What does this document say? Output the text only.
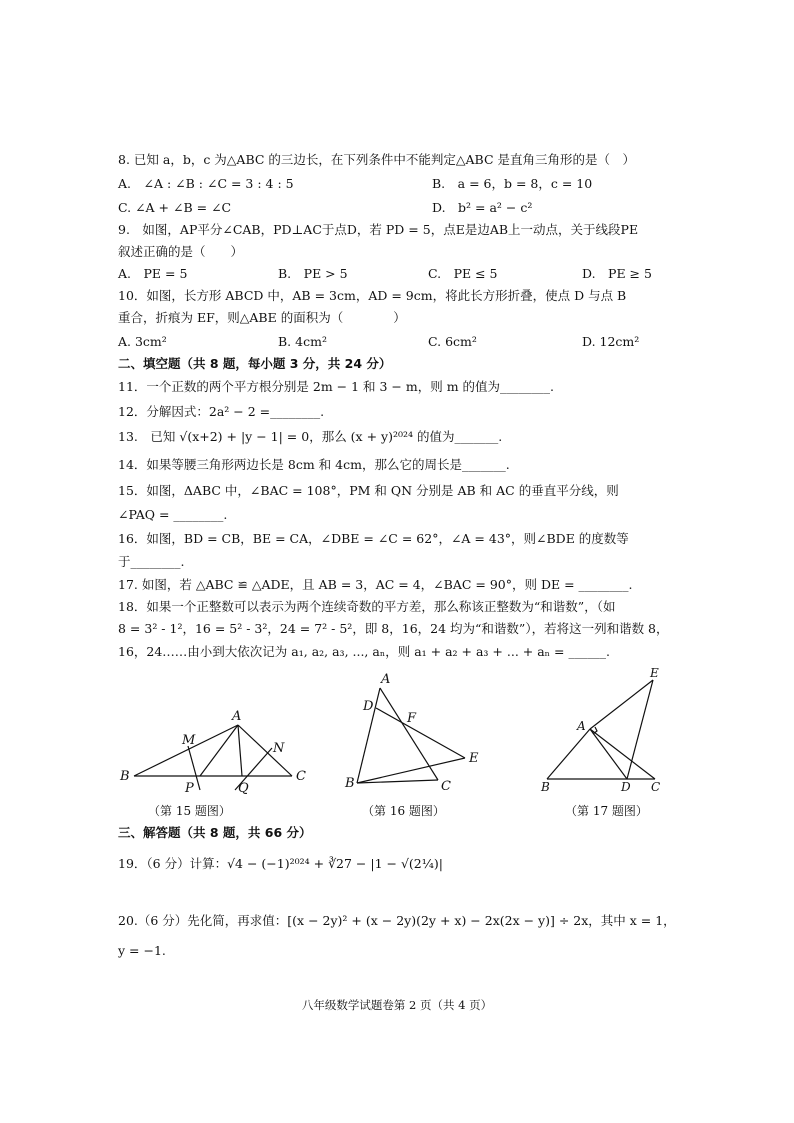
8. 已知 a，b，c 为△ABC 的三边长，在下列条件中不能判定△ABC 是直角三角形的是（　）
A.　∠A : ∠B : ∠C = 3 : 4 : 5	B.　a = 6，b = 8，c = 10
C. ∠A + ∠B = ∠C	D.　b² = a² − c²
9.　如图，AP平分∠CAB，PD⊥AC于点D，若 PD = 5，点E是边AB上一动点，关于线段PE
叙述正确的是（　　）
A.　PE = 5	B.　PE > 5	C.　PE ≤ 5	D.　PE ≥ 5
10．如图，长方形 ABCD 中，AB = 3cm，AD = 9cm，将此长方形折叠，使点 D 与点 B
重合，折痕为 EF，则△ABE 的面积为（　　　　）
A. 3cm²	B. 4cm²	C. 6cm²	D. 12cm²
二、填空题（共 8 题，每小题 3 分，共 24 分）
11．一个正数的两个平方根分别是 2m − 1 和 3 − m，则 m 的值为________.
12．分解因式：2a² − 2 =________.
13.　已知 √(x+2) + |y − 1| = 0，那么 (x + y)²⁰²⁴ 的值为_______.
14．如果等腰三角形两边长是 8cm 和 4cm，那么它的周长是_______.
15．如图，ΔABC 中，∠BAC = 108°，PM 和 QN 分别是 AB 和 AC 的垂直平分线，则
∠PAQ = ________.
16．如图，BD = CB，BE = CA，∠DBE = ∠C = 62°，∠A = 43°，则∠BDE 的度数等
于________.
17. 如图，若 △ABC ≌ △ADE，且 AB = 3，AC = 4，∠BAC = 90°，则 DE = ________.
18．如果一个正整数可以表示为两个连续奇数的平方差，那么称该正整数为“和谐数”，（如
8 = 3² - 1²，16 = 5² - 3²，24 = 7² - 5²，即 8，16，24 均为“和谐数”），若将这一列和谐数 8，
16，24……由小到大依次记为 a₁, a₂, a₃, ..., aₙ，则 a₁ + a₂ + a₃ + ... + aₙ = ______.
A
B	C
M
N
P	Q
（第 15 题图）
A
B	C
D
E
F
（第 16 题图）
A
B	C
D
E
（第 17 题图）
三、解答题（共 8 题，共 66 分）
19．（6 分）计算：√4 − (−1)²⁰²⁴ + ∛27 − |1 − √(2¼)|
20.（6 分）先化简，再求值：[(x − 2y)² + (x − 2y)(2y + x) − 2x(2x − y)] ÷ 2x，其中 x = 1，
y = −1.
八年级数学试题卷第 2 页（共 4 页）
